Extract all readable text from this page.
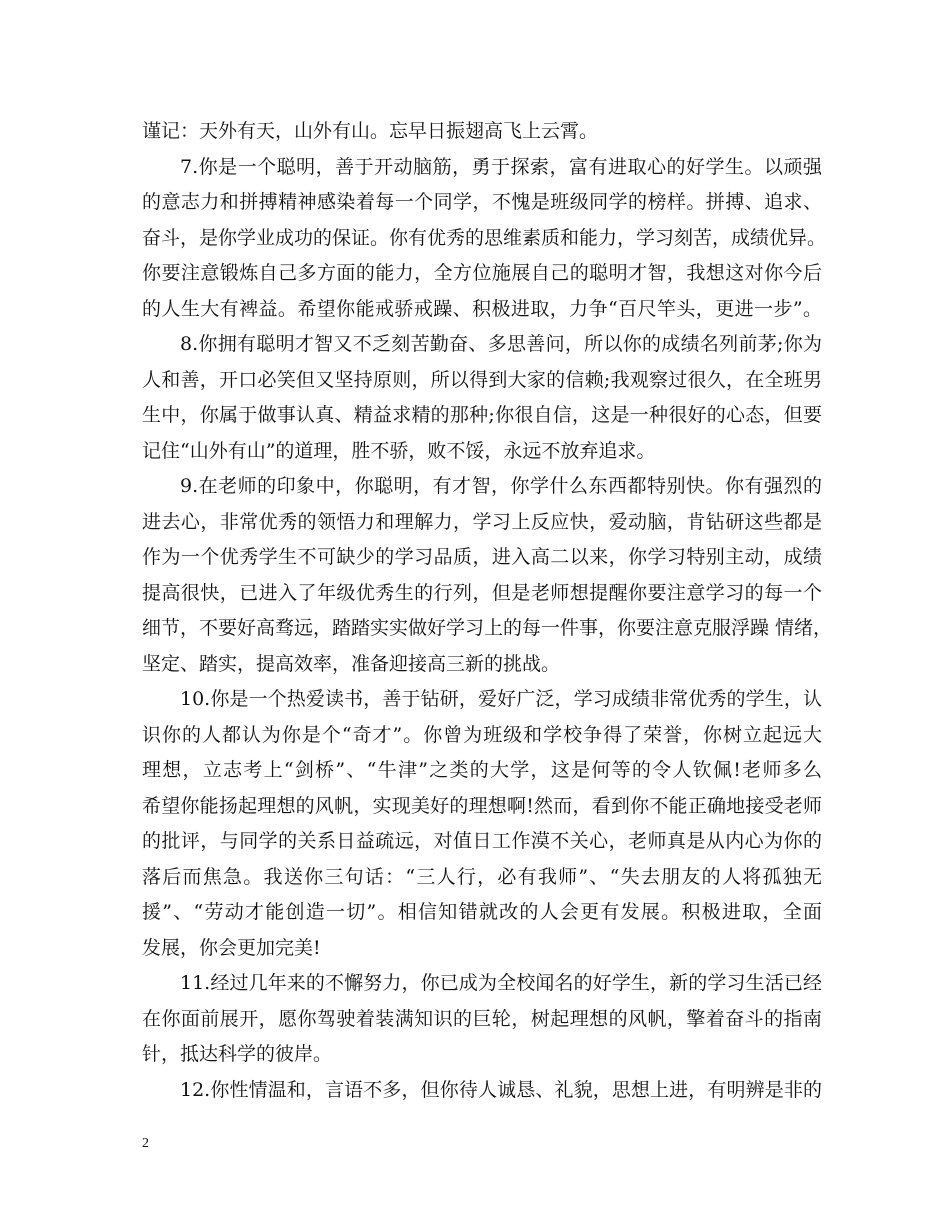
谨记：天外有天，山外有山。忘早日振翅高飞上云霄。
7.你是一个聪明，善于开动脑筋，勇于探索，富有进取心的好学生。以顽强
的意志力和拼搏精神感染着每一个同学，不愧是班级同学的榜样。拼搏、追求、
奋斗，是你学业成功的保证。你有优秀的思维素质和能力，学习刻苦，成绩优异。
你要注意锻炼自己多方面的能力，全方位施展自己的聪明才智，我想这对你今后
的人生大有裨益。希望你能戒骄戒躁、积极进取，力争“百尺竿头，更进一步”。
8.你拥有聪明才智又不乏刻苦勤奋、多思善问，所以你的成绩名列前茅;你为
人和善，开口必笑但又坚持原则，所以得到大家的信赖;我观察过很久，在全班男
生中，你属于做事认真、精益求精的那种;你很自信，这是一种很好的心态，但要
记住“山外有山”的道理，胜不骄，败不馁，永远不放弃追求。
9.在老师的印象中，你聪明，有才智，你学什么东西都特别快。你有强烈的
进去心，非常优秀的领悟力和理解力，学习上反应快，爱动脑，肯钻研这些都是
作为一个优秀学生不可缺少的学习品质，进入高二以来，你学习特别主动，成绩
提高很快，已进入了年级优秀生的行列，但是老师想提醒你要注意学习的每一个
细节，不要好高骛远，踏踏实实做好学习上的每一件事，你要注意克服浮躁 情绪，
坚定、踏实，提高效率，准备迎接高三新的挑战。
10.你是一个热爱读书，善于钻研，爱好广泛，学习成绩非常优秀的学生，认
识你的人都认为你是个“奇才”。你曾为班级和学校争得了荣誉，你树立起远大
理想，立志考上“剑桥”、“牛津”之类的大学，这是何等的令人钦佩!老师多么
希望你能扬起理想的风帆，实现美好的理想啊!然而，看到你不能正确地接受老师
的批评，与同学的关系日益疏远，对值日工作漠不关心，老师真是从内心为你的
落后而焦急。我送你三句话：“三人行，必有我师”、“失去朋友的人将孤独无
援”、“劳动才能创造一切”。相信知错就改的人会更有发展。积极进取，全面
发展，你会更加完美!
11.经过几年来的不懈努力，你已成为全校闻名的好学生，新的学习生活已经
在你面前展开，愿你驾驶着装满知识的巨轮，树起理想的风帆，擎着奋斗的指南
针，抵达科学的彼岸。
12.你性情温和，言语不多，但你待人诚恳、礼貌，思想上进，有明辨是非的
2
